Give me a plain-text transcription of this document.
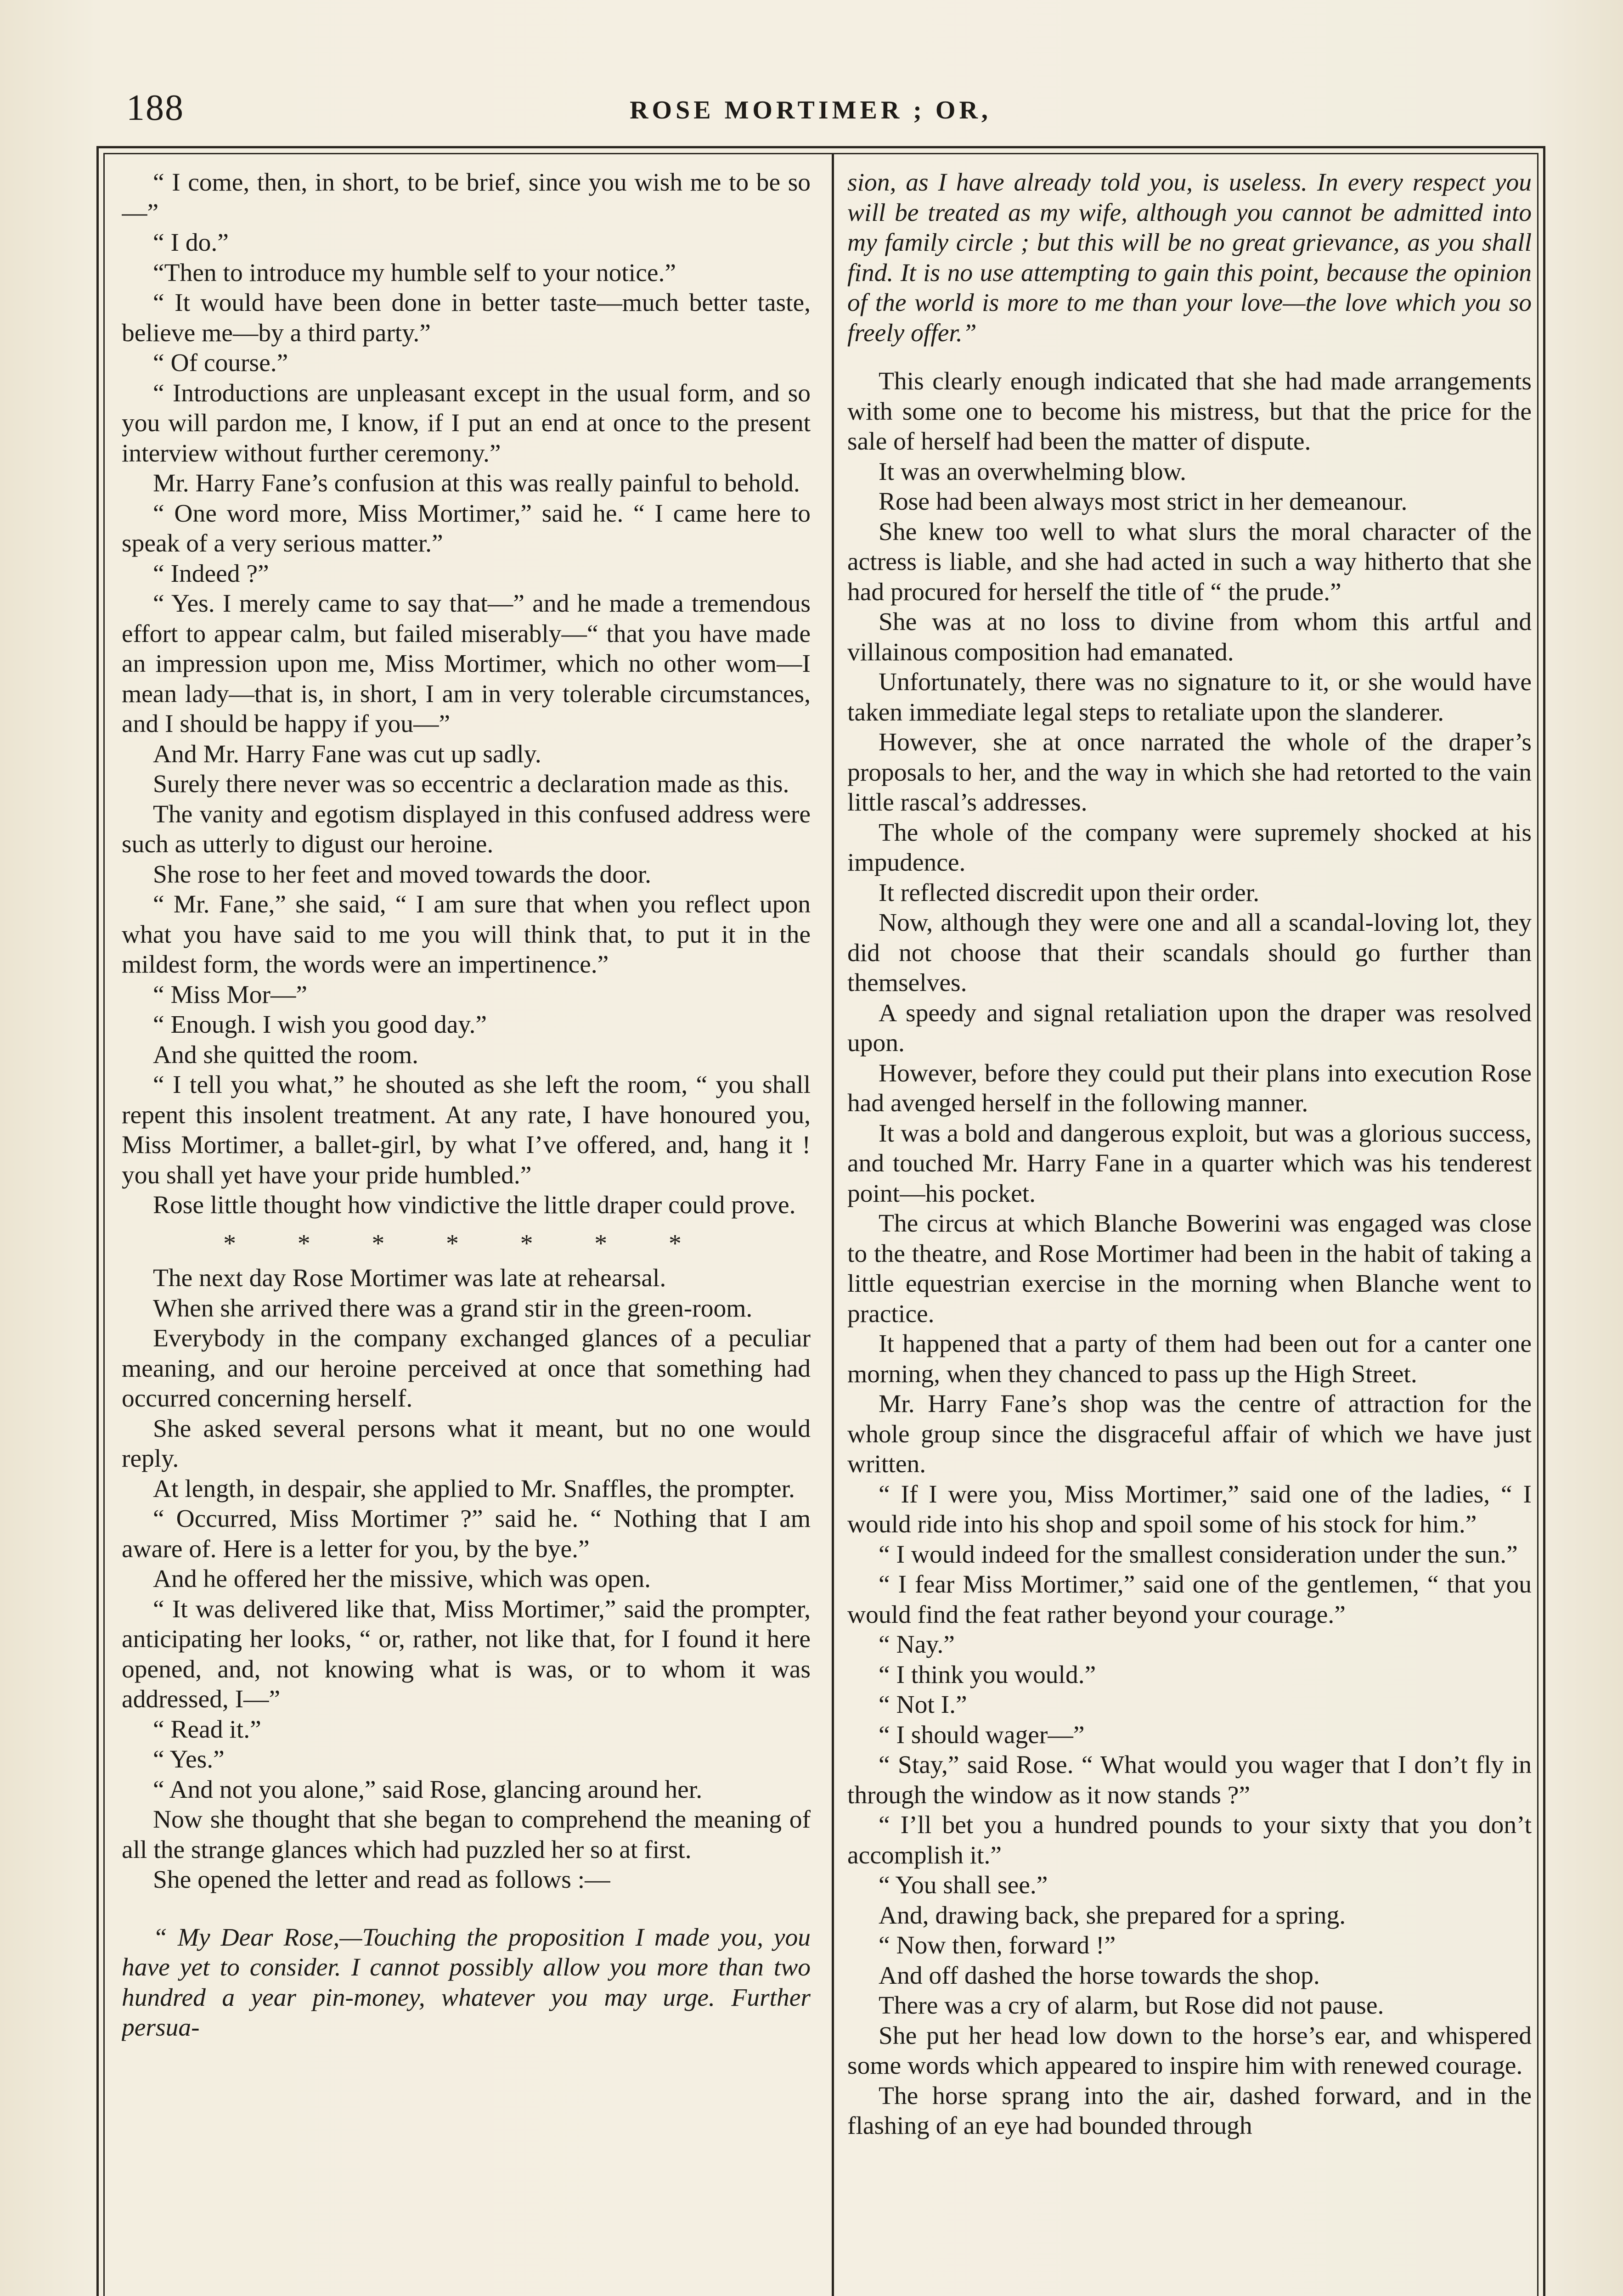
188	ROSE MORTIMER ; OR,

“ I come, then, in short, to be brief, since you wish me to be so—”

“ I do.”

“Then to introduce my humble self to your notice.”

“ It would have been done in better taste—much better taste, believe me—by a third party.”

“ Of course.”

“ Introductions are unpleasant except in the usual form, and so you will pardon me, I know, if I put an end at once to the present interview without further ceremony.”

Mr. Harry Fane’s confusion at this was really painful to behold.

“ One word more, Miss Mortimer,” said he. “ I came here to speak of a very serious matter.”

“ Indeed ?”

“ Yes. I merely came to say that—” and he made a tremendous effort to appear calm, but failed miserably—“ that you have made an impression upon me, Miss Mortimer, which no other wom—I mean lady—that is, in short, I am in very tolerable circumstances, and I should be happy if you—”

And Mr. Harry Fane was cut up sadly.

Surely there never was so eccentric a declaration made as this.

The vanity and egotism displayed in this confused address were such as utterly to digust our heroine.

She rose to her feet and moved towards the door.

“ Mr. Fane,” she said, “ I am sure that when you reflect upon what you have said to me you will think that, to put it in the mildest form, the words were an impertinence.”

“ Miss Mor—”

“ Enough. I wish you good day.”

And she quitted the room.

“ I tell you what,” he shouted as she left the room, “ you shall repent this insolent treatment. At any rate, I have honoured you, Miss Mortimer, a ballet-girl, by what I’ve offered, and, hang it ! you shall yet have your pride humbled.”

Rose little thought how vindictive the little draper could prove.

* * * * * * *

The next day Rose Mortimer was late at rehearsal.

When she arrived there was a grand stir in the green-room.

Everybody in the company exchanged glances of a peculiar meaning, and our heroine perceived at once that something had occurred concerning herself.

She asked several persons what it meant, but no one would reply.

At length, in despair, she applied to Mr. Snaffles, the prompter.

“ Occurred, Miss Mortimer ?” said he. “ Nothing that I am aware of. Here is a letter for you, by the bye.”

And he offered her the missive, which was open.

“ It was delivered like that, Miss Mortimer,” said the prompter, anticipating her looks, “ or, rather, not like that, for I found it here opened, and, not knowing what is was, or to whom it was addressed, I—”

“ Read it.”

“ Yes.”

“ And not you alone,” said Rose, glancing around her.

Now she thought that she began to comprehend the meaning of all the strange glances which had puzzled her so at first.

She opened the letter and read as follows :—

“ My Dear Rose,—Touching the proposition I made you, you have yet to consider. I cannot possibly allow you more than two hundred a year pin-money, whatever you may urge. Further persua-

sion, as I have already told you, is useless. In every respect you will be treated as my wife, although you cannot be admitted into my family circle ; but this will be no great grievance, as you shall find. It is no use attempting to gain this point, because the opinion of the world is more to me than your love—the love which you so freely offer.”

This clearly enough indicated that she had made arrangements with some one to become his mistress, but that the price for the sale of herself had been the matter of dispute.

It was an overwhelming blow.

Rose had been always most strict in her demeanour.

She knew too well to what slurs the moral character of the actress is liable, and she had acted in such a way hitherto that she had procured for herself the title of “ the prude.”

She was at no loss to divine from whom this artful and villainous composition had emanated.

Unfortunately, there was no signature to it, or she would have taken immediate legal steps to retaliate upon the slanderer.

However, she at once narrated the whole of the draper’s proposals to her, and the way in which she had retorted to the vain little rascal’s addresses.

The whole of the company were supremely shocked at his impudence.

It reflected discredit upon their order.

Now, although they were one and all a scandal-loving lot, they did not choose that their scandals should go further than themselves.

A speedy and signal retaliation upon the draper was resolved upon.

However, before they could put their plans into execution Rose had avenged herself in the following manner.

It was a bold and dangerous exploit, but was a glorious success, and touched Mr. Harry Fane in a quarter which was his tenderest point—his pocket.

The circus at which Blanche Bowerini was engaged was close to the theatre, and Rose Mortimer had been in the habit of taking a little equestrian exercise in the morning when Blanche went to practice.

It happened that a party of them had been out for a canter one morning, when they chanced to pass up the High Street.

Mr. Harry Fane’s shop was the centre of attraction for the whole group since the disgraceful affair of which we have just written.

“ If I were you, Miss Mortimer,” said one of the ladies, “ I would ride into his shop and spoil some of his stock for him.”

“ I would indeed for the smallest consideration under the sun.”

“ I fear Miss Mortimer,” said one of the gentlemen, “ that you would find the feat rather beyond your courage.”

“ Nay.”

“ I think you would.”

“ Not I.”

“ I should wager—”

“ Stay,” said Rose. “ What would you wager that I don’t fly in through the window as it now stands ?”

“ I’ll bet you a hundred pounds to your sixty that you don’t accomplish it.”

“ You shall see.”

And, drawing back, she prepared for a spring.

“ Now then, forward !”

And off dashed the horse towards the shop.

There was a cry of alarm, but Rose did not pause.

She put her head low down to the horse’s ear, and whispered some words which appeared to inspire him with renewed courage.

The horse sprang into the air, dashed forward, and in the flashing of an eye had bounded through
